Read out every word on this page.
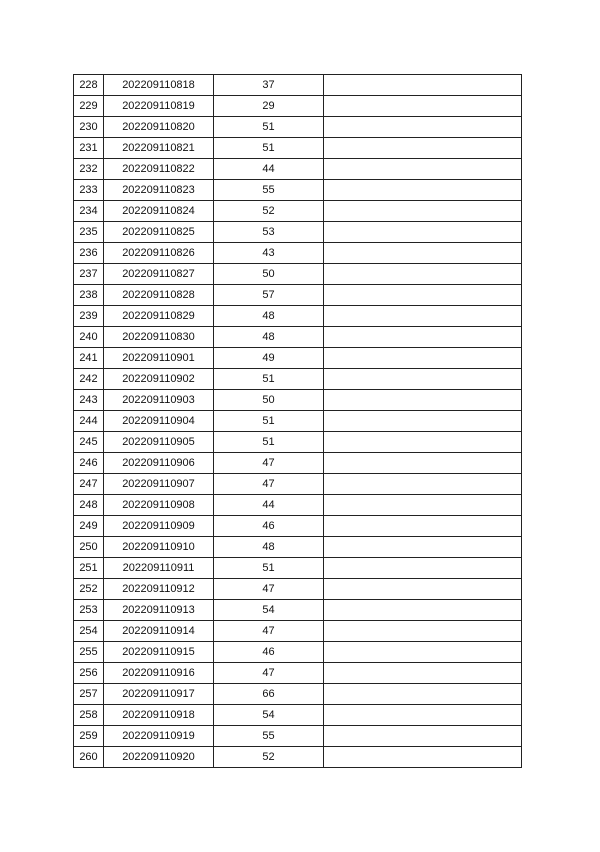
228	202209110818	37	
229	202209110819	29	
230	202209110820	51	
231	202209110821	51	
232	202209110822	44	
233	202209110823	55	
234	202209110824	52	
235	202209110825	53	
236	202209110826	43	
237	202209110827	50	
238	202209110828	57	
239	202209110829	48	
240	202209110830	48	
241	202209110901	49	
242	202209110902	51	
243	202209110903	50	
244	202209110904	51	
245	202209110905	51	
246	202209110906	47	
247	202209110907	47	
248	202209110908	44	
249	202209110909	46	
250	202209110910	48	
251	202209110911	51	
252	202209110912	47	
253	202209110913	54	
254	202209110914	47	
255	202209110915	46	
256	202209110916	47	
257	202209110917	66	
258	202209110918	54	
259	202209110919	55	
260	202209110920	52	
